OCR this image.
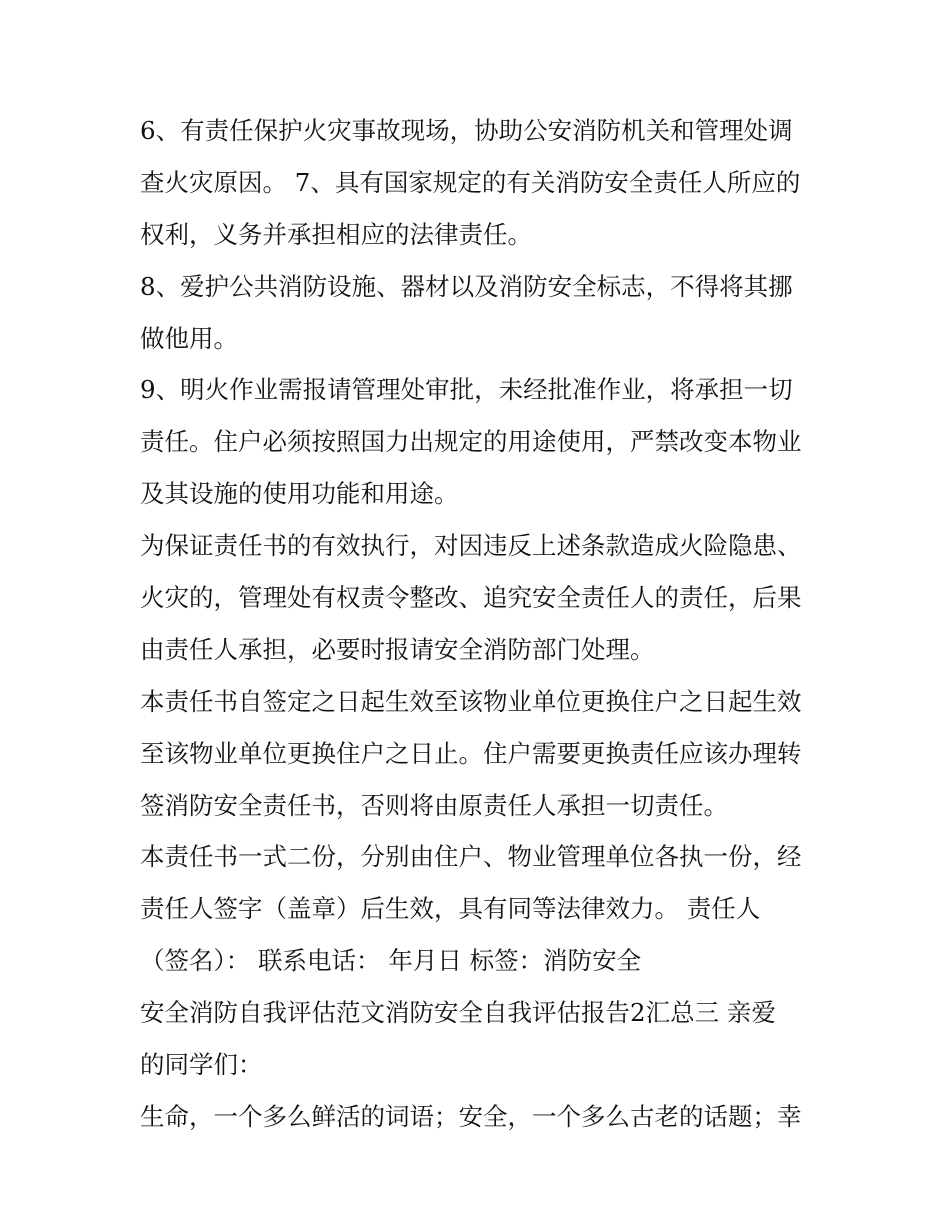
6、有责任保护火灾事故现场，协助公安消防机关和管理处调
查火灾原因。 7、具有国家规定的有关消防安全责任人所应的
权利，义务并承担相应的法律责任。
8、爱护公共消防设施、器材以及消防安全标志，不得将其挪
做他用。
9、明火作业需报请管理处审批，未经批准作业，将承担一切
责任。住户必须按照国力出规定的用途使用，严禁改变本物业
及其设施的使用功能和用途。
为保证责任书的有效执行，对因违反上述条款造成火险隐患、
火灾的，管理处有权责令整改、追究安全责任人的责任，后果
由责任人承担，必要时报请安全消防部门处理。
本责任书自签定之日起生效至该物业单位更换住户之日起生效
至该物业单位更换住户之日止。住户需要更换责任应该办理转
签消防安全责任书，否则将由原责任人承担一切责任。
本责任书一式二份，分别由住户、物业管理单位各执一份，经
责任人签字（盖章）后生效，具有同等法律效力。 责任人
（签名）： 联系电话： 年月日 标签：消防安全
安全消防自我评估范文消防安全自我评估报告2汇总三 亲爱
的同学们：
生命，一个多么鲜活的词语；安全，一个多么古老的话题；幸
